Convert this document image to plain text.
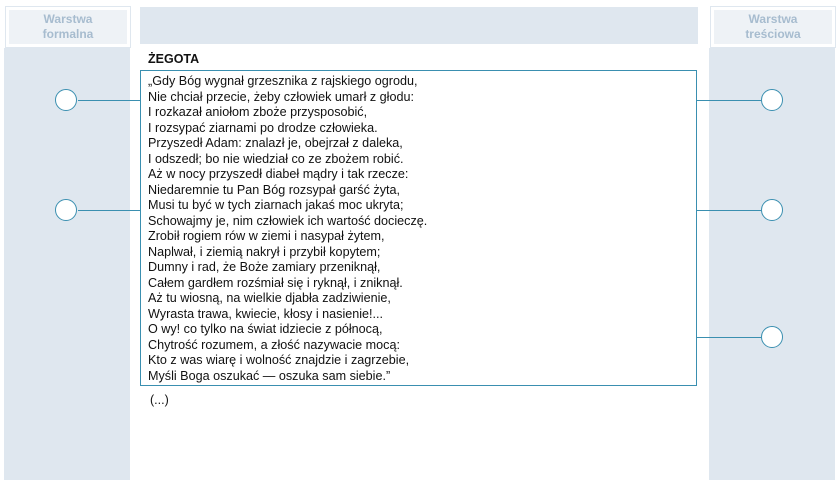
Warstwa formalna
Warstwa treściowa
ŻEGOTA
„Gdy Bóg wygnał grzesznika z rajskiego ogrodu,
Nie chciał przecie, żeby człowiek umarł z głodu:
I rozkazał aniołom zboże przysposobić,
I rozsypać ziarnami po drodze człowieka.
Przyszedł Adam: znalazł je, obejrzał z daleka,
I odszedł; bo nie wiedział co ze zbożem robić.
Aż w nocy przyszedł diabeł mądry i tak rzecze:
Niedaremnie tu Pan Bóg rozsypał garść żyta,
Musi tu być w tych ziarnach jakaś moc ukryta;
Schowajmy je, nim człowiek ich wartość docieczę.
Zrobił rogiem rów w ziemi i nasypał żytem,
Naplwał, i ziemią nakrył i przybił kopytem;
Dumny i rad, że Boże zamiary przeniknął,
Całem gardłem rozśmiał się i ryknął, i zniknął.
Aż tu wiosną, na wielkie djabła zadziwienie,
Wyrasta trawa, kwiecie, kłosy i nasienie!...
O wy! co tylko na świat idziecie z północą,
Chytrość rozumem, a złość nazywacie mocą:
Kto z was wiarę i wolność znajdzie i zagrzebie,
Myśli Boga oszukać — oszuka sam siebie.”
(...)
